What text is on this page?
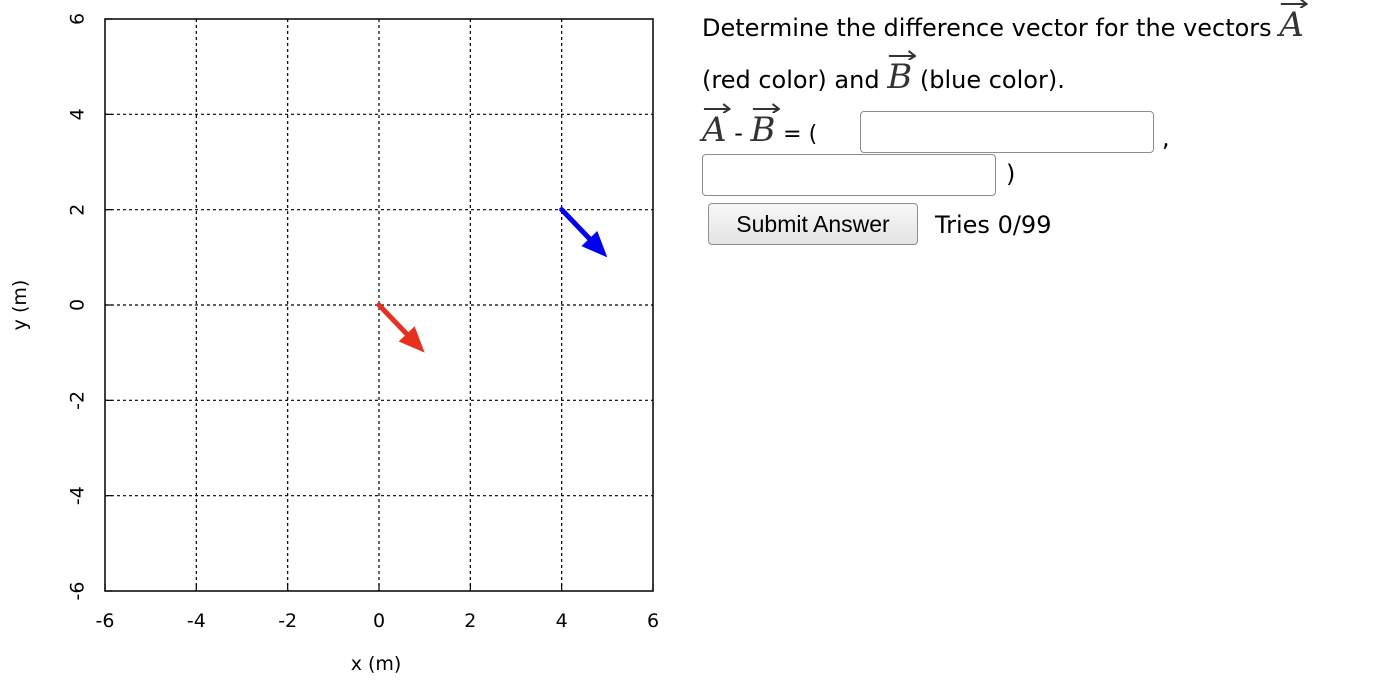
-6	-4	-2	0	2	4	6
-6
-4
-2
0
2
4
6
x (m)
y (m)
Determine the difference vector for the vectors A
(red color) and B (blue color).
A - B = (	,
)
Submit Answer	Tries 0/99
